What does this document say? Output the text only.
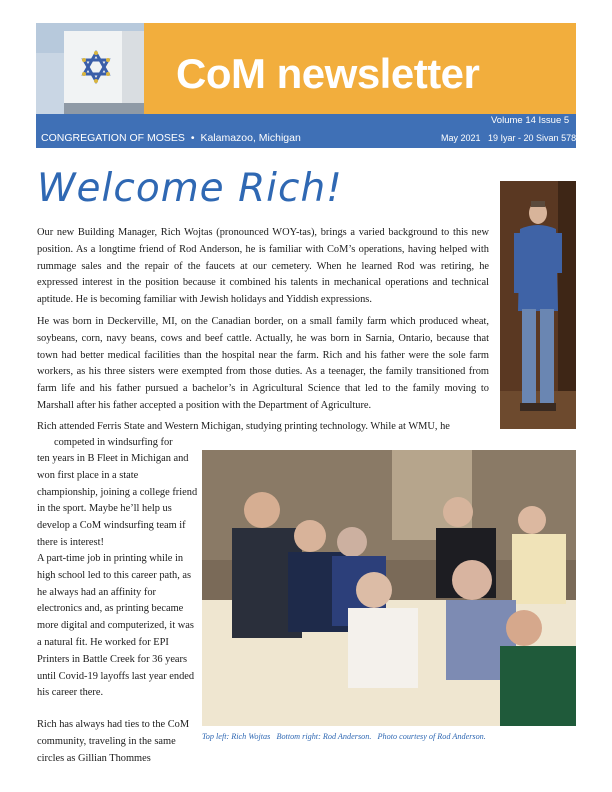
CoM newsletter
Volume 14 Issue 5
CONGREGATION OF MOSES • Kalamazoo, Michigan	May 2021   19 Iyar - 20 Sivan 5781
Welcome Rich!

Our new Building Manager, Rich Wojtas (pronounced WOY-tas), brings a varied background to this new position. As a longtime friend of Rod Anderson, he is familiar with CoM’s operations, having helped with rummage sales and the repair of the faucets at our cemetery. When he learned Rod was retiring, he expressed interest in the position because it combined his talents in mechanical operations and technical aptitude. He is becoming familiar with Jewish holidays and Yiddish expressions.

He was born in Deckerville, MI, on the Canadian border, on a small family farm which produced wheat, soybeans, corn, navy beans, cows and beef cattle. Actually, he was born in Sarnia, Ontario, because that town had better medical facilities than the hospital near the farm. Rich and his father were the sole farm workers, as his three sisters were exempted from those duties. As a teenager, the family transitioned from farm life and his father pursued a bachelor’s in Agricultural Science that led to the family moving to Marshall after his father accepted a position with the Department of Agriculture.

Rich attended Ferris State and Western Michigan, studying printing technology. While at WMU, he

competed in windsurfing for

ten years in B Fleet in Michigan and won first place in a state championship, joining a college friend in the sport. Maybe he’ll help us develop a CoM windsurfing team if there is interest!

A part-time job in printing while in high school led to this career path, as he always had an affinity for electronics and, as printing became more digital and computerized, it was a natural fit. He worked for EPI Printers in Battle Creek for 36 years until Covid-19 layoffs last year ended his career there.

Rich has always had ties to the CoM community, traveling in the same circles as Gillian Thommes

Top left: Rich Wojtas   Bottom right: Rod Anderson.   Photo courtesy of Rod Anderson.
